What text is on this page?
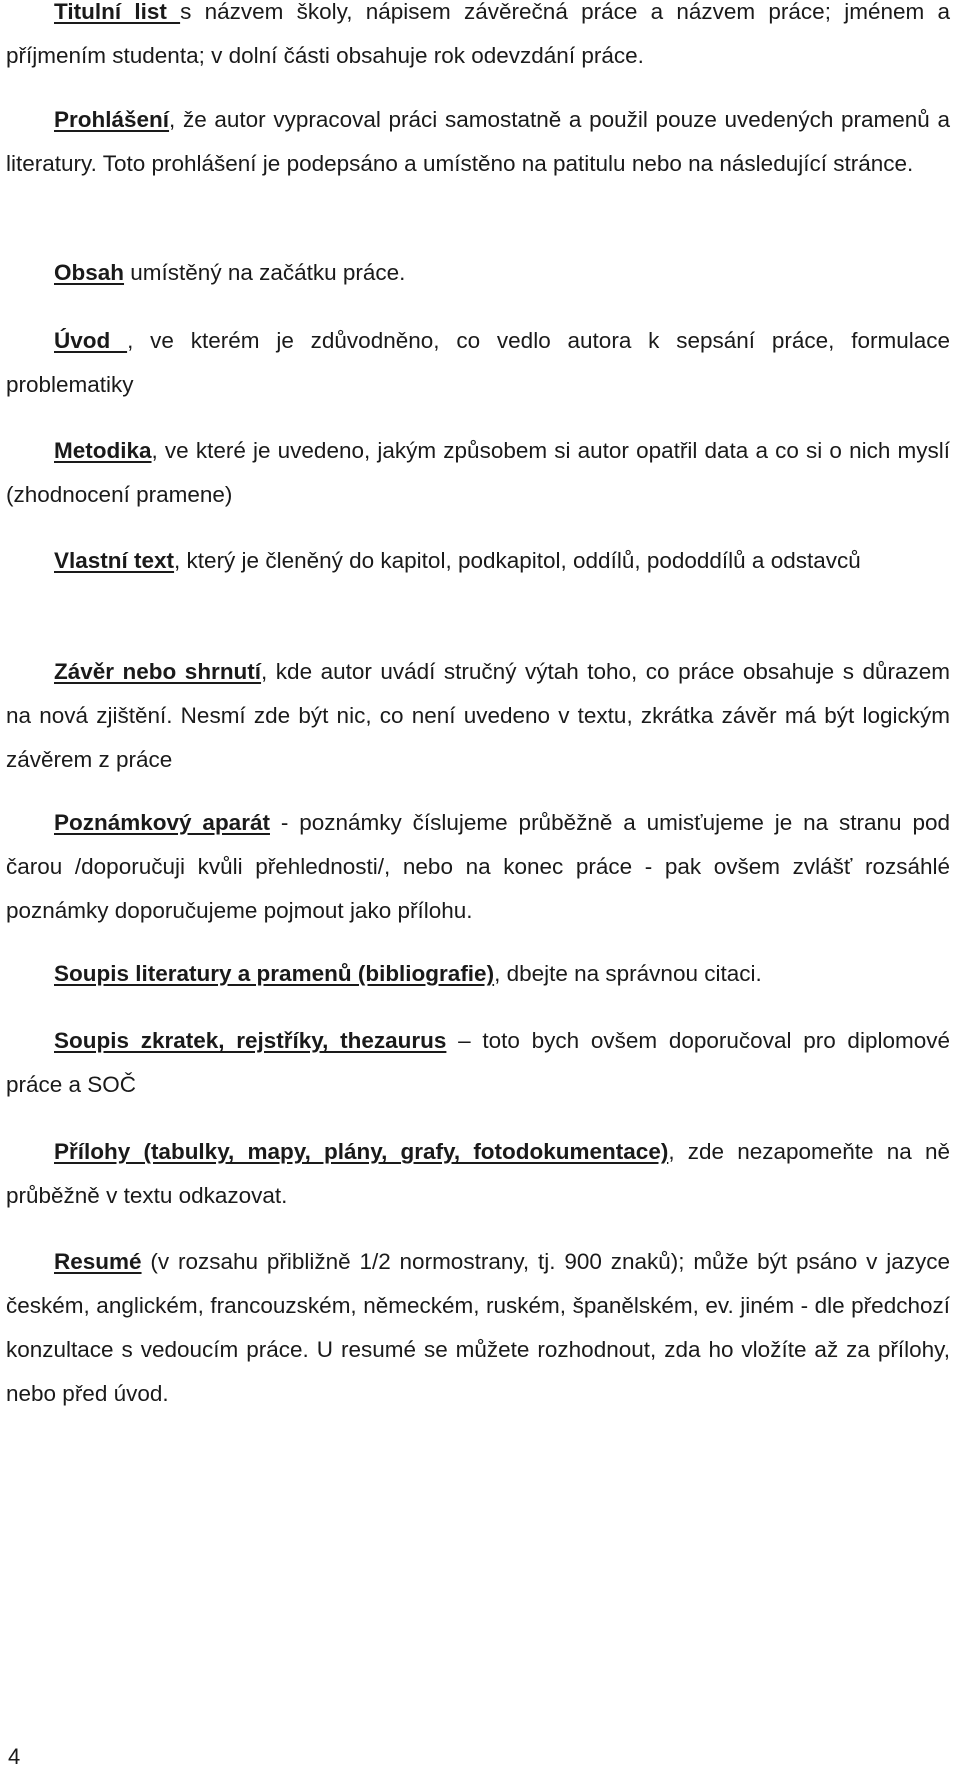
Titulní list s názvem školy, nápisem závěrečná práce a názvem práce; jménem a příjmením studenta; v dolní části obsahuje rok odevzdání práce.

Prohlášení, že autor vypracoval práci samostatně a použil pouze uvedených pramenů a literatury. Toto prohlášení je podepsáno a umístěno na patitulu nebo na následující stránce.

Obsah umístěný na začátku práce.

Úvod , ve kterém je zdůvodněno, co vedlo autora k sepsání práce, formulace problematiky

Metodika, ve které je uvedeno, jakým způsobem si autor opatřil data a co si o nich myslí (zhodnocení pramene)

Vlastní text, který je členěný do kapitol, podkapitol, oddílů, pododdílů a odstavců

Závěr nebo shrnutí, kde autor uvádí stručný výtah toho, co práce obsahuje s důrazem na nová zjištění. Nesmí zde být nic, co není uvedeno v textu, zkrátka závěr má být logickým závěrem z práce

Poznámkový aparát - poznámky číslujeme průběžně a umisťujeme je na stranu pod čarou /doporučuji kvůli přehlednosti/, nebo na konec práce - pak ovšem zvlášť rozsáhlé poznámky doporučujeme pojmout jako přílohu.

Soupis literatury a pramenů (bibliografie), dbejte na správnou citaci.

Soupis zkratek, rejstříky, thezaurus – toto bych ovšem doporučoval pro diplomové práce a SOČ

Přílohy (tabulky, mapy, plány, grafy, fotodokumentace), zde nezapomeňte na ně průběžně v textu odkazovat.

Resumé (v rozsahu přibližně 1/2 normostrany, tj. 900 znaků); může být psáno v jazyce českém, anglickém, francouzském, německém, ruském, španělském, ev. jiném - dle předchozí konzultace s vedoucím práce. U resumé se můžete rozhodnout, zda ho vložíte až za přílohy, nebo před úvod.

4
